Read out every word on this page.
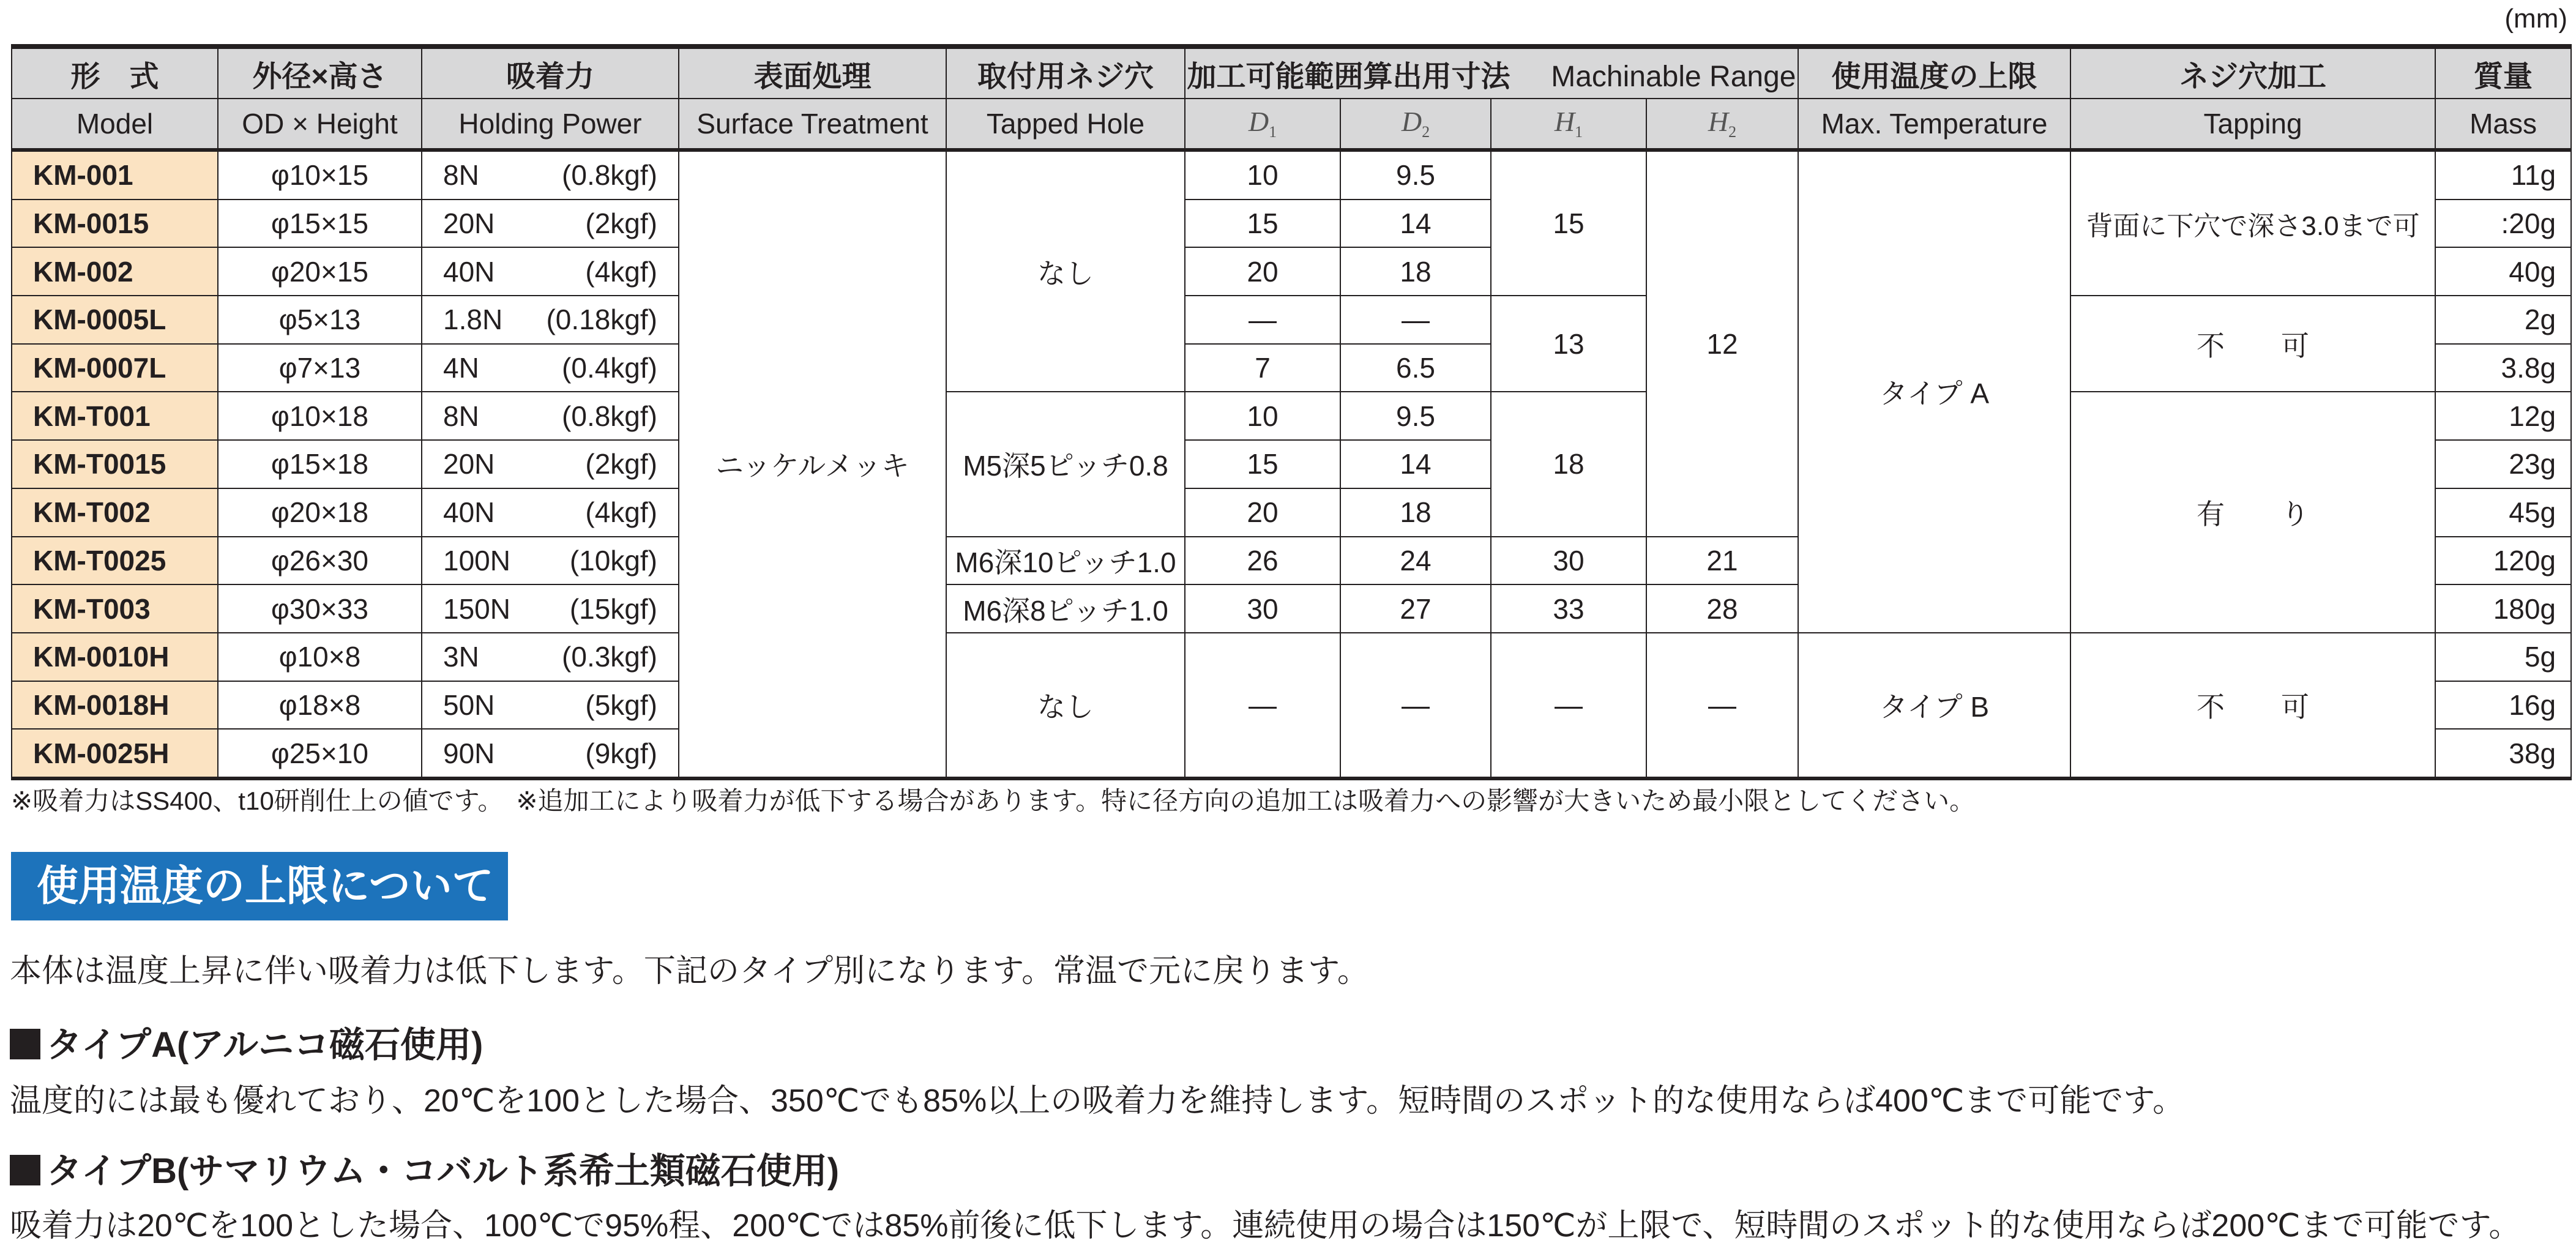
(mm)
形　式	外径×高さ	吸着力	表面処理	取付用ネジ穴	加工可能範囲算出用寸法 Machinable Range				使用温度の上限	ネジ穴加工	質量
Model	OD × Height	Holding Power	Surface Treatment	Tapped Hole	$D_1$	$D_2$	$H_1$	$H_2$	Max. Temperature	Tapping	Mass
KM-001	φ10×15	8N (0.8kgf)	ニッケルメッキ	なし	10	9.5	15	12	タイプ A	背面に下穴で深さ3.0まで可	11g
KM-0015	φ15×15	20N (2kgf)			15	14					:20g
KM-002	φ20×15	40N (4kgf)			20	18					40g
KM-0005L	φ5×13	1.8N (0.18kgf)			—	—	13			不　　可	2g
KM-0007L	φ7×13	4N (0.4kgf)			7	6.5					3.8g
KM-T001	φ10×18	8N (0.8kgf)		M5深5ピッチ0.8	10	9.5	18			有　　り	12g
KM-T0015	φ15×18	20N (2kgf)			15	14					23g
KM-T002	φ20×18	40N (4kgf)			20	18					45g
KM-T0025	φ26×30	100N (10kgf)		M6深10ピッチ1.0	26	24	30	21			120g
KM-T003	φ30×33	150N (15kgf)		M6深8ピッチ1.0	30	27	33	28			180g
KM-0010H	φ10×8	3N (0.3kgf)		なし	—	—	—	—	タイプ B	不　　可	5g
KM-0018H	φ18×8	50N (5kgf)									16g
KM-0025H	φ25×10	90N (9kgf)									38g
※吸着力はSS400、t10研削仕上の値です。　※追加工により吸着力が低下する場合があります。特に径方向の追加工は吸着力への影響が大きいため最小限としてください。
使用温度の上限について
本体は温度上昇に伴い吸着力は低下します。下記のタイプ別になります。常温で元に戻ります。
タイプA(アルニコ磁石使用)
温度的には最も優れており、20℃を100とした場合、350℃でも85%以上の吸着力を維持します。短時間のスポット的な使用ならば400℃まで可能です。
タイプB(サマリウム・コバルト系希土類磁石使用)
吸着力は20℃を100とした場合、100℃で95%程、200℃では85%前後に低下します。連続使用の場合は150℃が上限で、短時間のスポット的な使用ならば200℃まで可能です。
